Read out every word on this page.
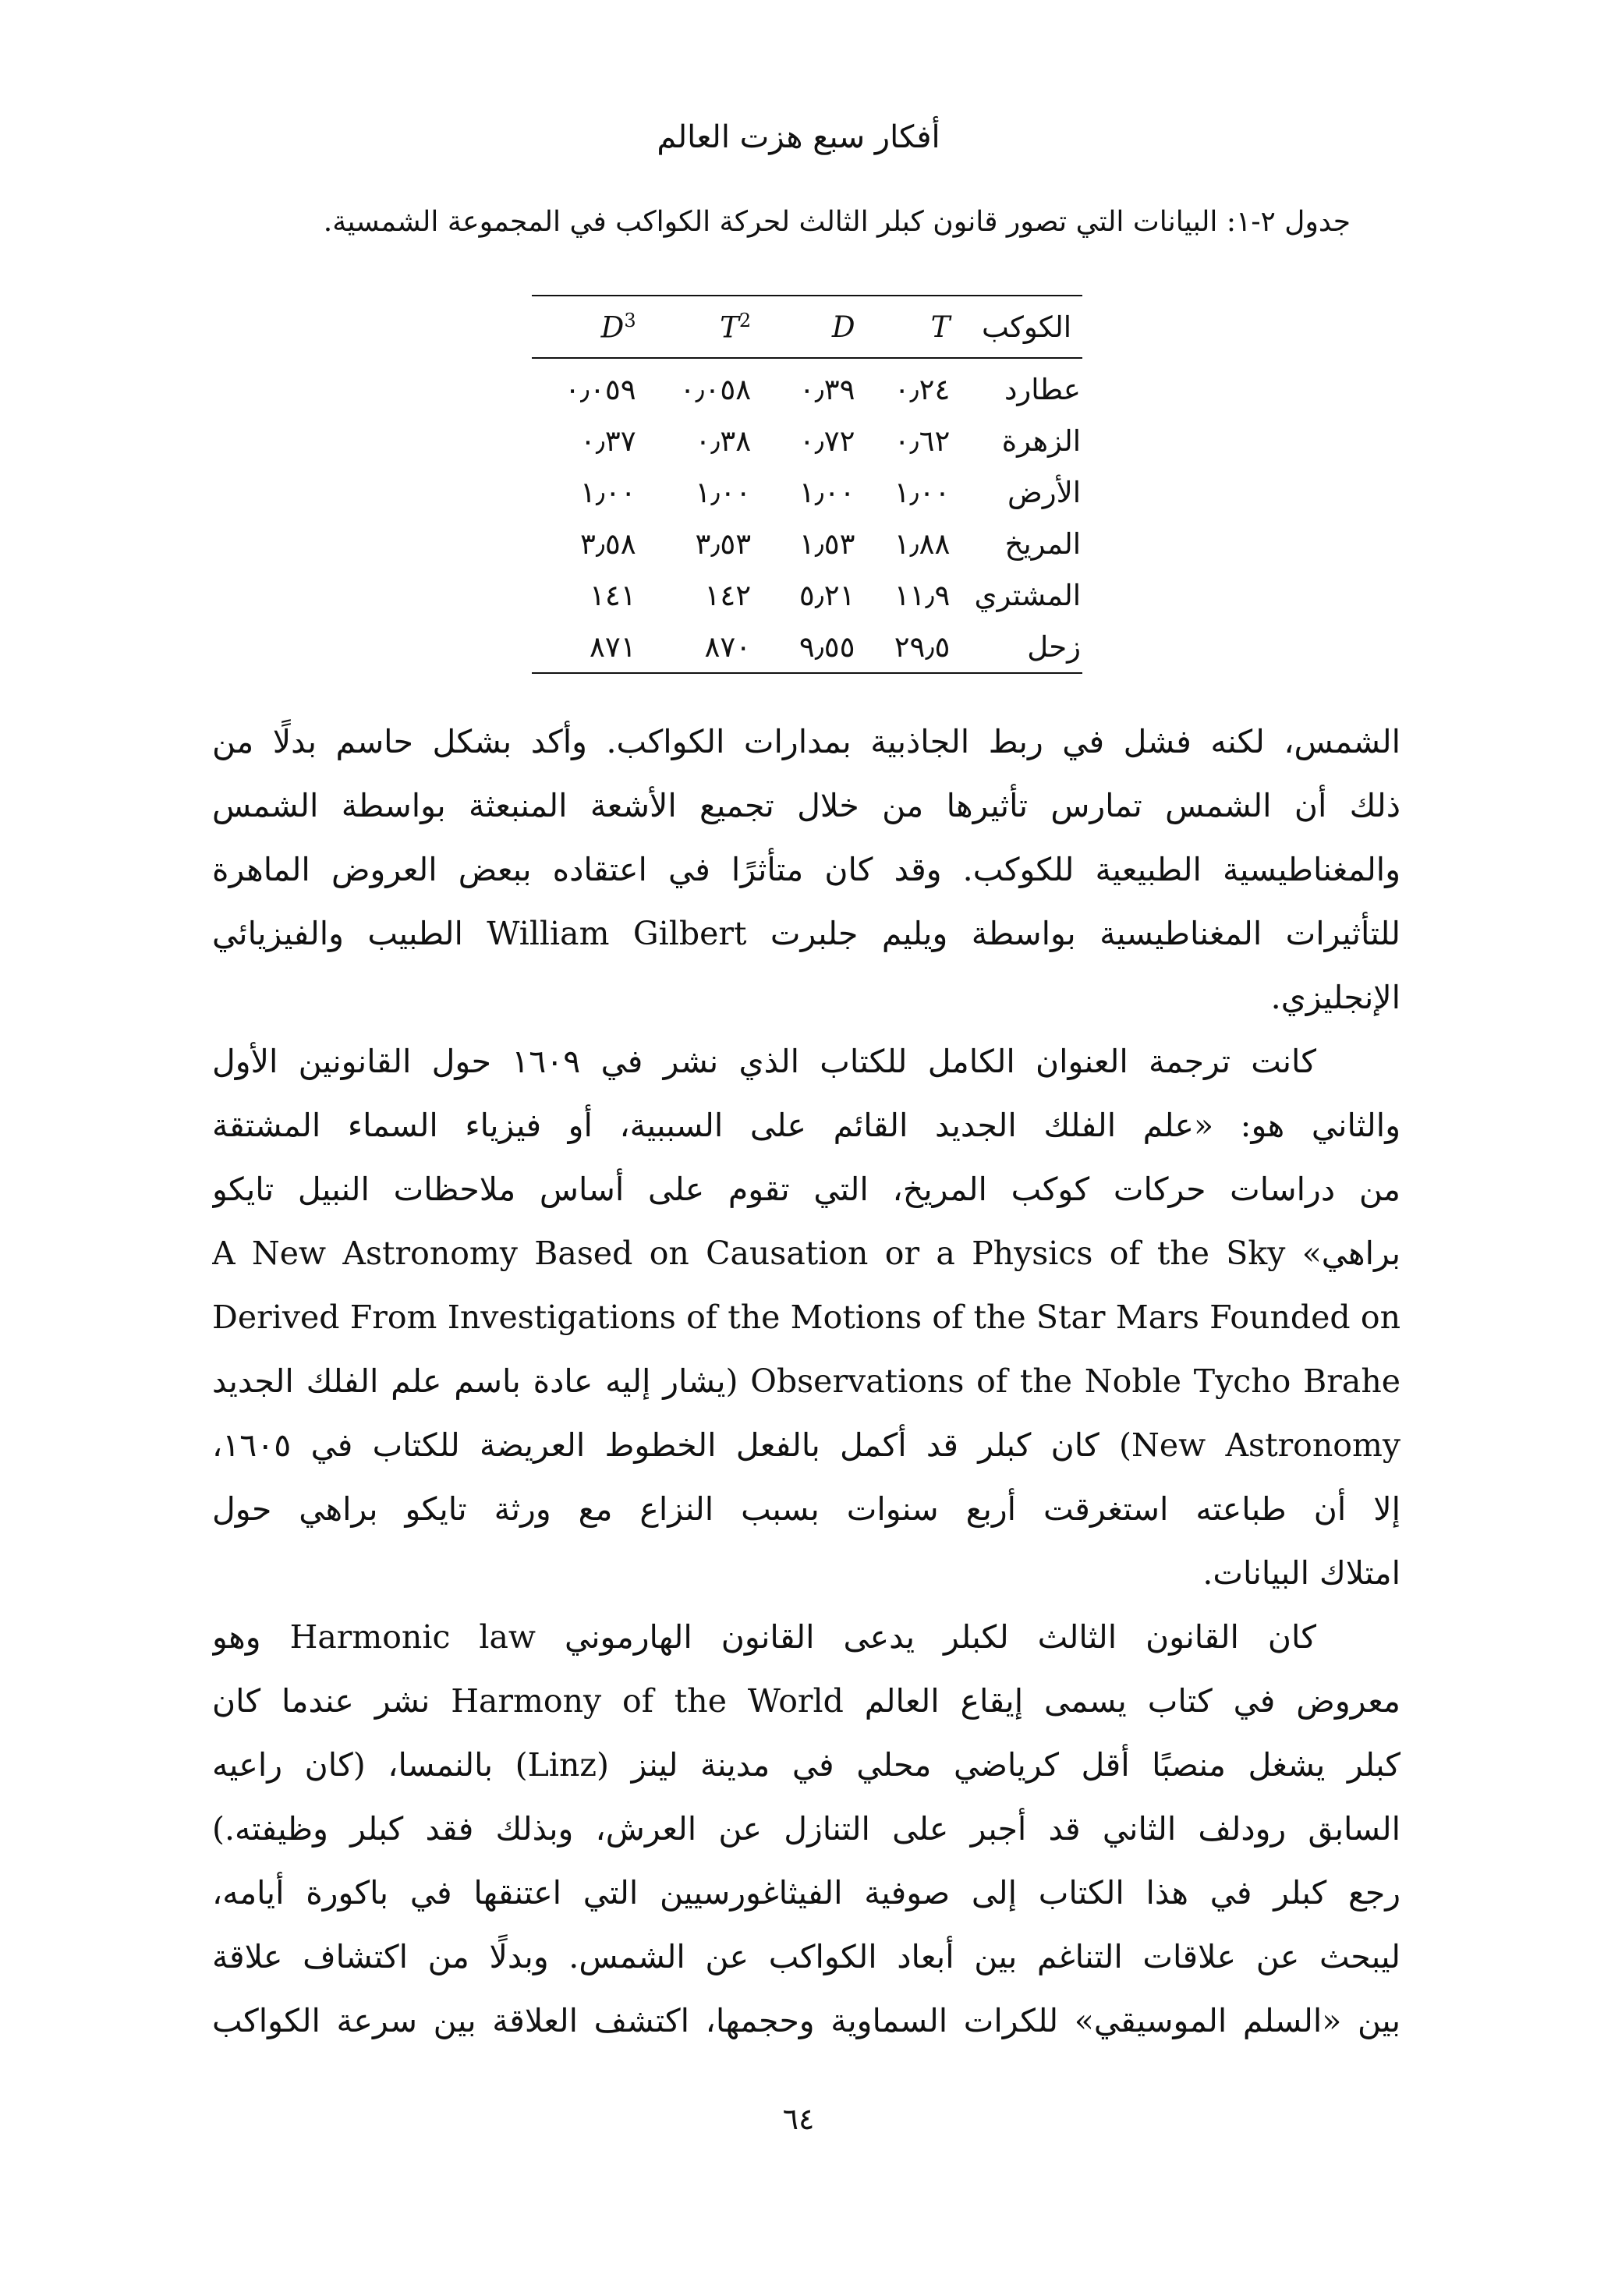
أفكار سبع هزت العالم
جدول ٢-١: البيانات التي تصور قانون كبلر الثالث لحركة الكواكب في المجموعة الشمسية.
الكوكب	T	D	$T^2$	$D^3$
عطارد	٠٫٢٤	٠٫٣٩	٠٫٠٥٨	٠٫٠٥٩
الزهرة	٠٫٦٢	٠٫٧٢	٠٫٣٨	٠٫٣٧
الأرض	١٫٠٠	١٫٠٠	١٫٠٠	١٫٠٠
المريخ	١٫٨٨	١٫٥٣	٣٫٥٣	٣٫٥٨
المشتري	١١٫٩	٥٫٢١	١٤٢	١٤١
زحل	٢٩٫٥	٩٫٥٥	٨٧٠	٨٧١
الشمس، لكنه فشل في ربط الجاذبية بمدارات الكواكب. وأكد بشكل حاسم بدلًا من
ذلك أن الشمس تمارس تأثيرها من خلال تجميع الأشعة المنبعثة بواسطة الشمس
والمغناطيسية الطبيعية للكوكب. وقد كان متأثرًا في اعتقاده ببعض العروض الماهرة
للتأثيرات المغناطيسية بواسطة ويليم جلبرت William Gilbert الطبيب والفيزيائي
الإنجليزي.
كانت ترجمة العنوان الكامل للكتاب الذي نشر في ١٦٠٩ حول القانونين الأول
والثاني هو: «علم الفلك الجديد القائم على السببية، أو فيزياء السماء المشتقة
من دراسات حركات كوكب المريخ، التي تقوم على أساس ملاحظات النبيل تايكو
براهي» A New Astronomy Based on Causation or a Physics of the Sky
Derived From Investigations of the Motions of the Star Mars Founded on
Observations of the Noble Tycho Brahe (يشار إليه عادة باسم علم الفلك الجديد
New Astronomy) كان كبلر قد أكمل بالفعل الخطوط العريضة للكتاب في ١٦٠٥،
إلا أن طباعته استغرقت أربع سنوات بسبب النزاع مع ورثة تايكو براهي حول
امتلاك البيانات.
كان القانون الثالث لكبلر يدعى القانون الهارموني Harmonic law وهو
معروض في كتاب يسمى إيقاع العالم Harmony of the World نشر عندما كان
كبلر يشغل منصبًا أقل كرياضي محلي في مدينة لينز (Linz) بالنمسا، (كان راعيه
السابق رودلف الثاني قد أجبر على التنازل عن العرش، وبذلك فقد كبلر وظيفته.)
رجع كبلر في هذا الكتاب إلى صوفية الفيثاغورسيين التي اعتنقها في باكورة أيامه،
ليبحث عن علاقات التناغم بين أبعاد الكواكب عن الشمس. وبدلًا من اكتشاف علاقة
بين «السلم الموسيقي» للكرات السماوية وحجمها، اكتشف العلاقة بين سرعة الكواكب
٦٤
